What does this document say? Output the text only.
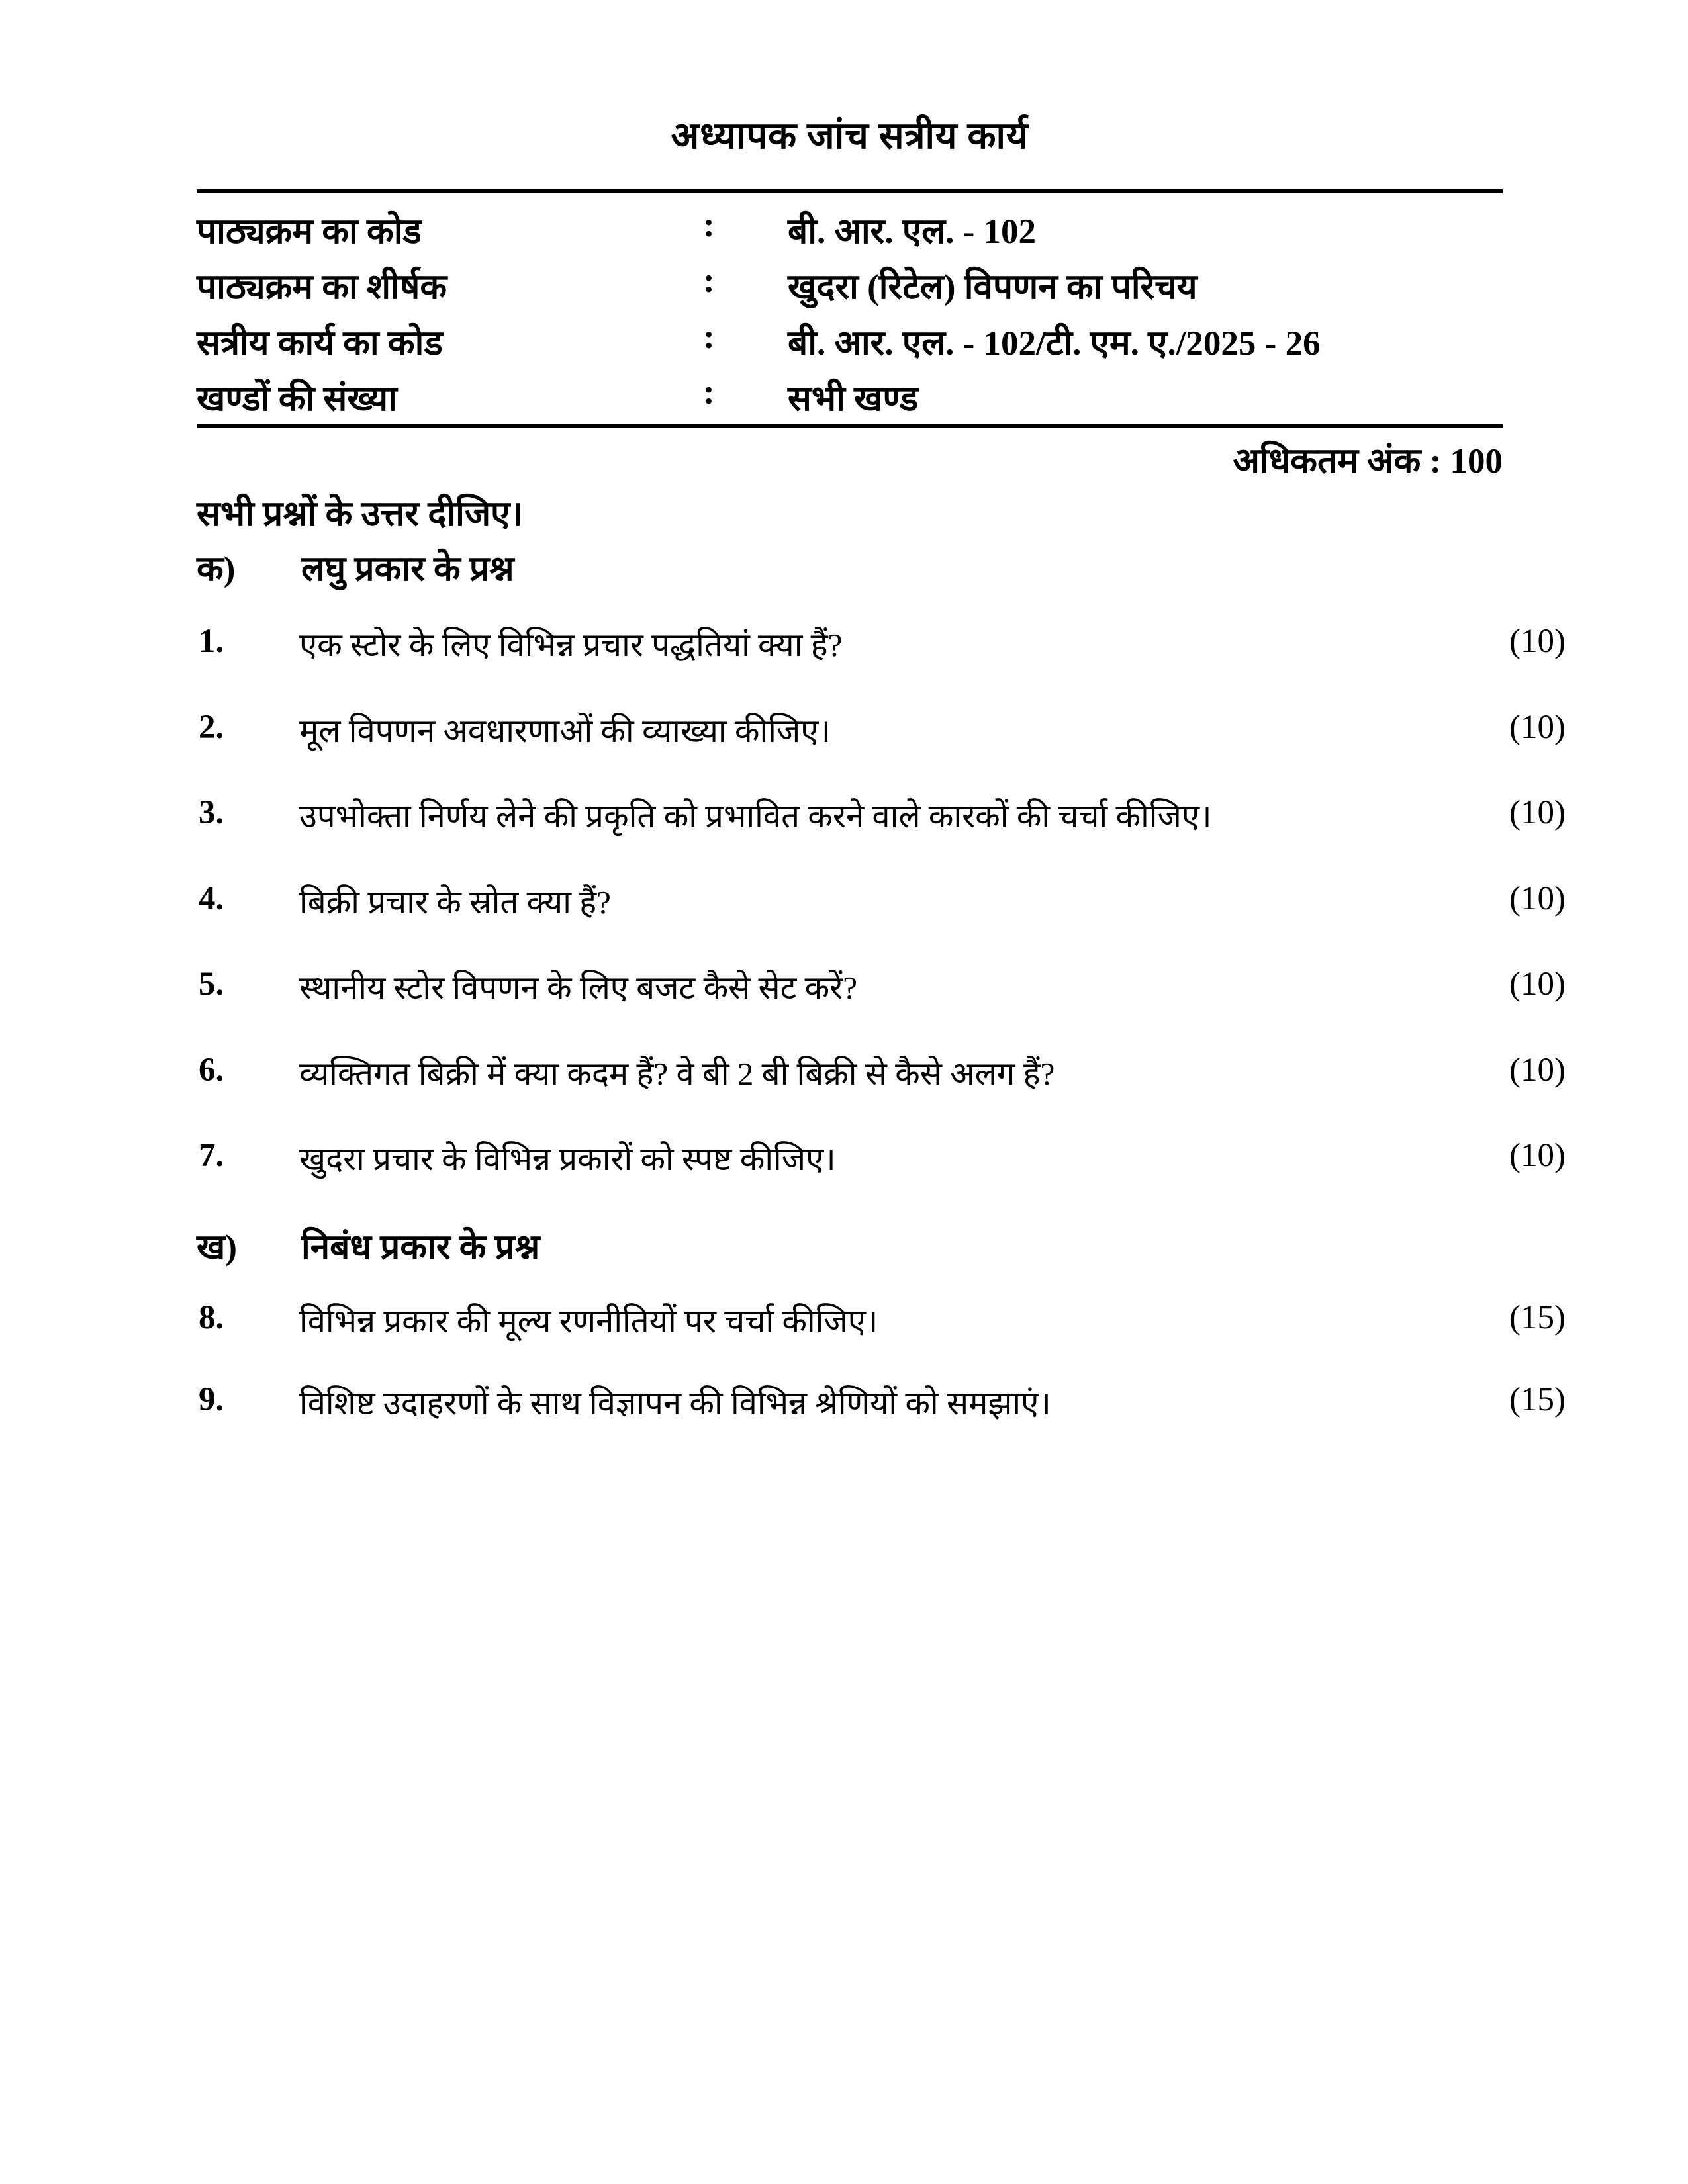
अध्यापक जांच सत्रीय कार्य
पाठ्यक्रम का कोड	: बी. आर. एल. - 102
पाठ्यक्रम का शीर्षक	: खुदरा (रिटेल) विपणन का परिचय
सत्रीय कार्य का कोड	: बी. आर. एल. - 102/टी. एम. ए./2025 - 26
खण्डों की संख्या	: सभी खण्ड
अधिकतम अंक : 100
सभी प्रश्नों के उत्तर दीजिए।
क) लघु प्रकार के प्रश्न
1. एक स्टोर के लिए विभिन्न प्रचार पद्धतियां क्या हैं?	(10)
2. मूल विपणन अवधारणाओं की व्याख्या कीजिए।	(10)
3. उपभोक्ता निर्णय लेने की प्रकृति को प्रभावित करने वाले कारकों की चर्चा कीजिए।	(10)
4. बिक्री प्रचार के स्रोत क्या हैं?	(10)
5. स्थानीय स्टोर विपणन के लिए बजट कैसे सेट करें?	(10)
6. व्यक्तिगत बिक्री में क्या कदम हैं? वे बी 2 बी बिक्री से कैसे अलग हैं?	(10)
7. खुदरा प्रचार के विभिन्न प्रकारों को स्पष्ट कीजिए।	(10)
ख) निबंध प्रकार के प्रश्न
8. विभिन्न प्रकार की मूल्य रणनीतियों पर चर्चा कीजिए।	(15)
9. विशिष्ट उदाहरणों के साथ विज्ञापन की विभिन्न श्रेणियों को समझाएं।	(15)
